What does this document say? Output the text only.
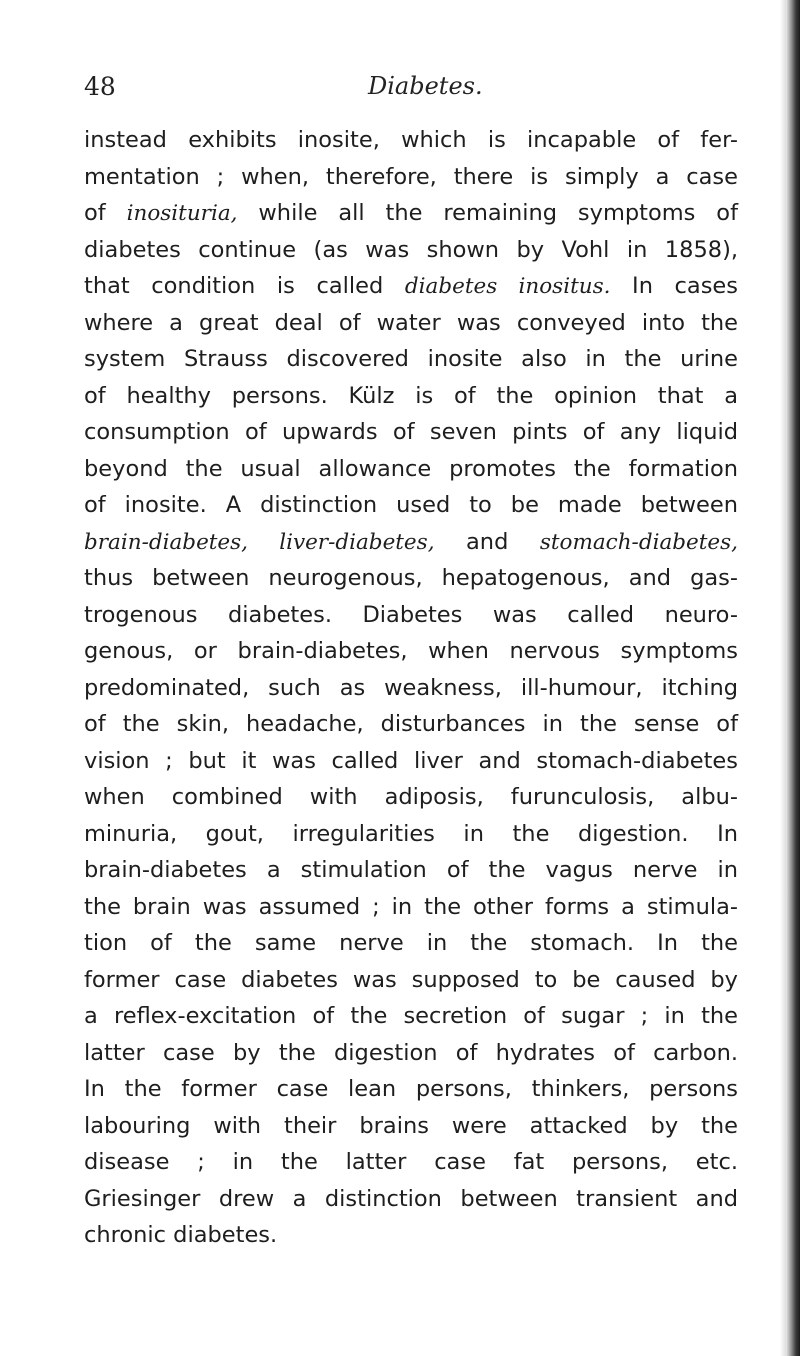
48	Diabetes.
instead exhibits inosite, which is incapable of fer-
mentation ; when, therefore, there is simply a case
of inosituria, while all the remaining symptoms of
diabetes continue (as was shown by Vohl in 1858),
that condition is called diabetes inositus. In cases
where a great deal of water was conveyed into the
system Strauss discovered inosite also in the urine
of healthy persons. Külz is of the opinion that a
consumption of upwards of seven pints of any liquid
beyond the usual allowance promotes the formation
of inosite. A distinction used to be made between
brain-diabetes, liver-diabetes, and stomach-diabetes,
thus between neurogenous, hepatogenous, and gas-
trogenous diabetes. Diabetes was called neuro-
genous, or brain-diabetes, when nervous symptoms
predominated, such as weakness, ill-humour, itching
of the skin, headache, disturbances in the sense of
vision ; but it was called liver and stomach-diabetes
when combined with adiposis, furunculosis, albu-
minuria, gout, irregularities in the digestion. In
brain-diabetes a stimulation of the vagus nerve in
the brain was assumed ; in the other forms a stimula-
tion of the same nerve in the stomach. In the
former case diabetes was supposed to be caused by
a reflex-excitation of the secretion of sugar ; in the
latter case by the digestion of hydrates of carbon.
In the former case lean persons, thinkers, persons
labouring with their brains were attacked by the
disease ; in the latter case fat persons, etc.
Griesinger drew a distinction between transient and
chronic diabetes.
